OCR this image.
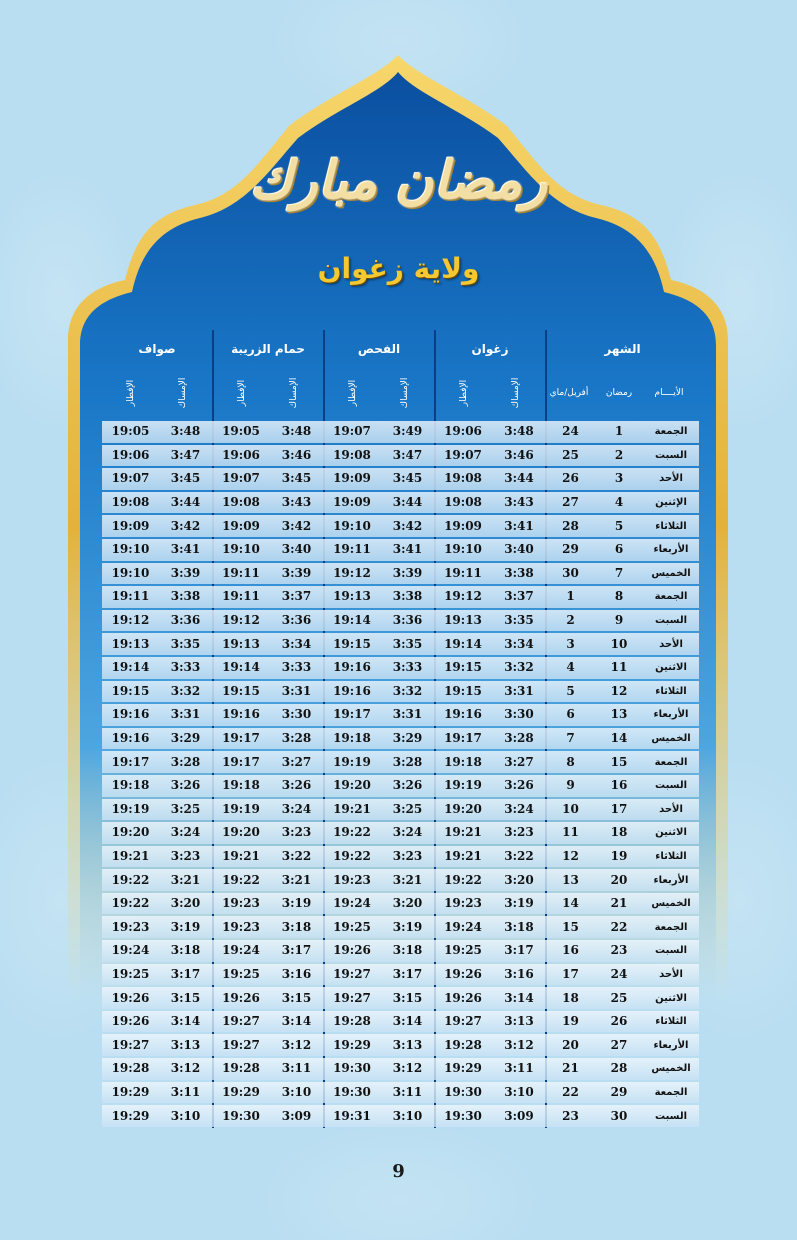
رمضان مبارك
ولاية زغوان
صواف
الإفطار	الإمساك
حمام الزريبة
الإفطار	الإمساك
الفحص
الإفطار	الإمساك
زغوان
الإفطار	الإمساك
الشهر
أفريل/ماي	رمضان	الأيــــام
19:05	3:48	19:05	3:48	19:07	3:49	19:06	3:48	24	1	الجمعة
19:06	3:47	19:06	3:46	19:08	3:47	19:07	3:46	25	2	السبت
19:07	3:45	19:07	3:45	19:09	3:45	19:08	3:44	26	3	الأحد
19:08	3:44	19:08	3:43	19:09	3:44	19:08	3:43	27	4	الإثنين
19:09	3:42	19:09	3:42	19:10	3:42	19:09	3:41	28	5	الثلاثاء
19:10	3:41	19:10	3:40	19:11	3:41	19:10	3:40	29	6	الأربعاء
19:10	3:39	19:11	3:39	19:12	3:39	19:11	3:38	30	7	الخميس
19:11	3:38	19:11	3:37	19:13	3:38	19:12	3:37	1	8	الجمعة
19:12	3:36	19:12	3:36	19:14	3:36	19:13	3:35	2	9	السبت
19:13	3:35	19:13	3:34	19:15	3:35	19:14	3:34	3	10	الأحد
19:14	3:33	19:14	3:33	19:16	3:33	19:15	3:32	4	11	الاثنين
19:15	3:32	19:15	3:31	19:16	3:32	19:15	3:31	5	12	الثلاثاء
19:16	3:31	19:16	3:30	19:17	3:31	19:16	3:30	6	13	الأربعاء
19:16	3:29	19:17	3:28	19:18	3:29	19:17	3:28	7	14	الخميس
19:17	3:28	19:17	3:27	19:19	3:28	19:18	3:27	8	15	الجمعة
19:18	3:26	19:18	3:26	19:20	3:26	19:19	3:26	9	16	السبت
19:19	3:25	19:19	3:24	19:21	3:25	19:20	3:24	10	17	الأحد
19:20	3:24	19:20	3:23	19:22	3:24	19:21	3:23	11	18	الاثنين
19:21	3:23	19:21	3:22	19:22	3:23	19:21	3:22	12	19	الثلاثاء
19:22	3:21	19:22	3:21	19:23	3:21	19:22	3:20	13	20	الأربعاء
19:22	3:20	19:23	3:19	19:24	3:20	19:23	3:19	14	21	الخميس
19:23	3:19	19:23	3:18	19:25	3:19	19:24	3:18	15	22	الجمعة
19:24	3:18	19:24	3:17	19:26	3:18	19:25	3:17	16	23	السبت
19:25	3:17	19:25	3:16	19:27	3:17	19:26	3:16	17	24	الأحد
19:26	3:15	19:26	3:15	19:27	3:15	19:26	3:14	18	25	الاثنين
19:26	3:14	19:27	3:14	19:28	3:14	19:27	3:13	19	26	الثلاثاء
19:27	3:13	19:27	3:12	19:29	3:13	19:28	3:12	20	27	الأربعاء
19:28	3:12	19:28	3:11	19:30	3:12	19:29	3:11	21	28	الخميس
19:29	3:11	19:29	3:10	19:30	3:11	19:30	3:10	22	29	الجمعة
19:29	3:10	19:30	3:09	19:31	3:10	19:30	3:09	23	30	السبت
9
